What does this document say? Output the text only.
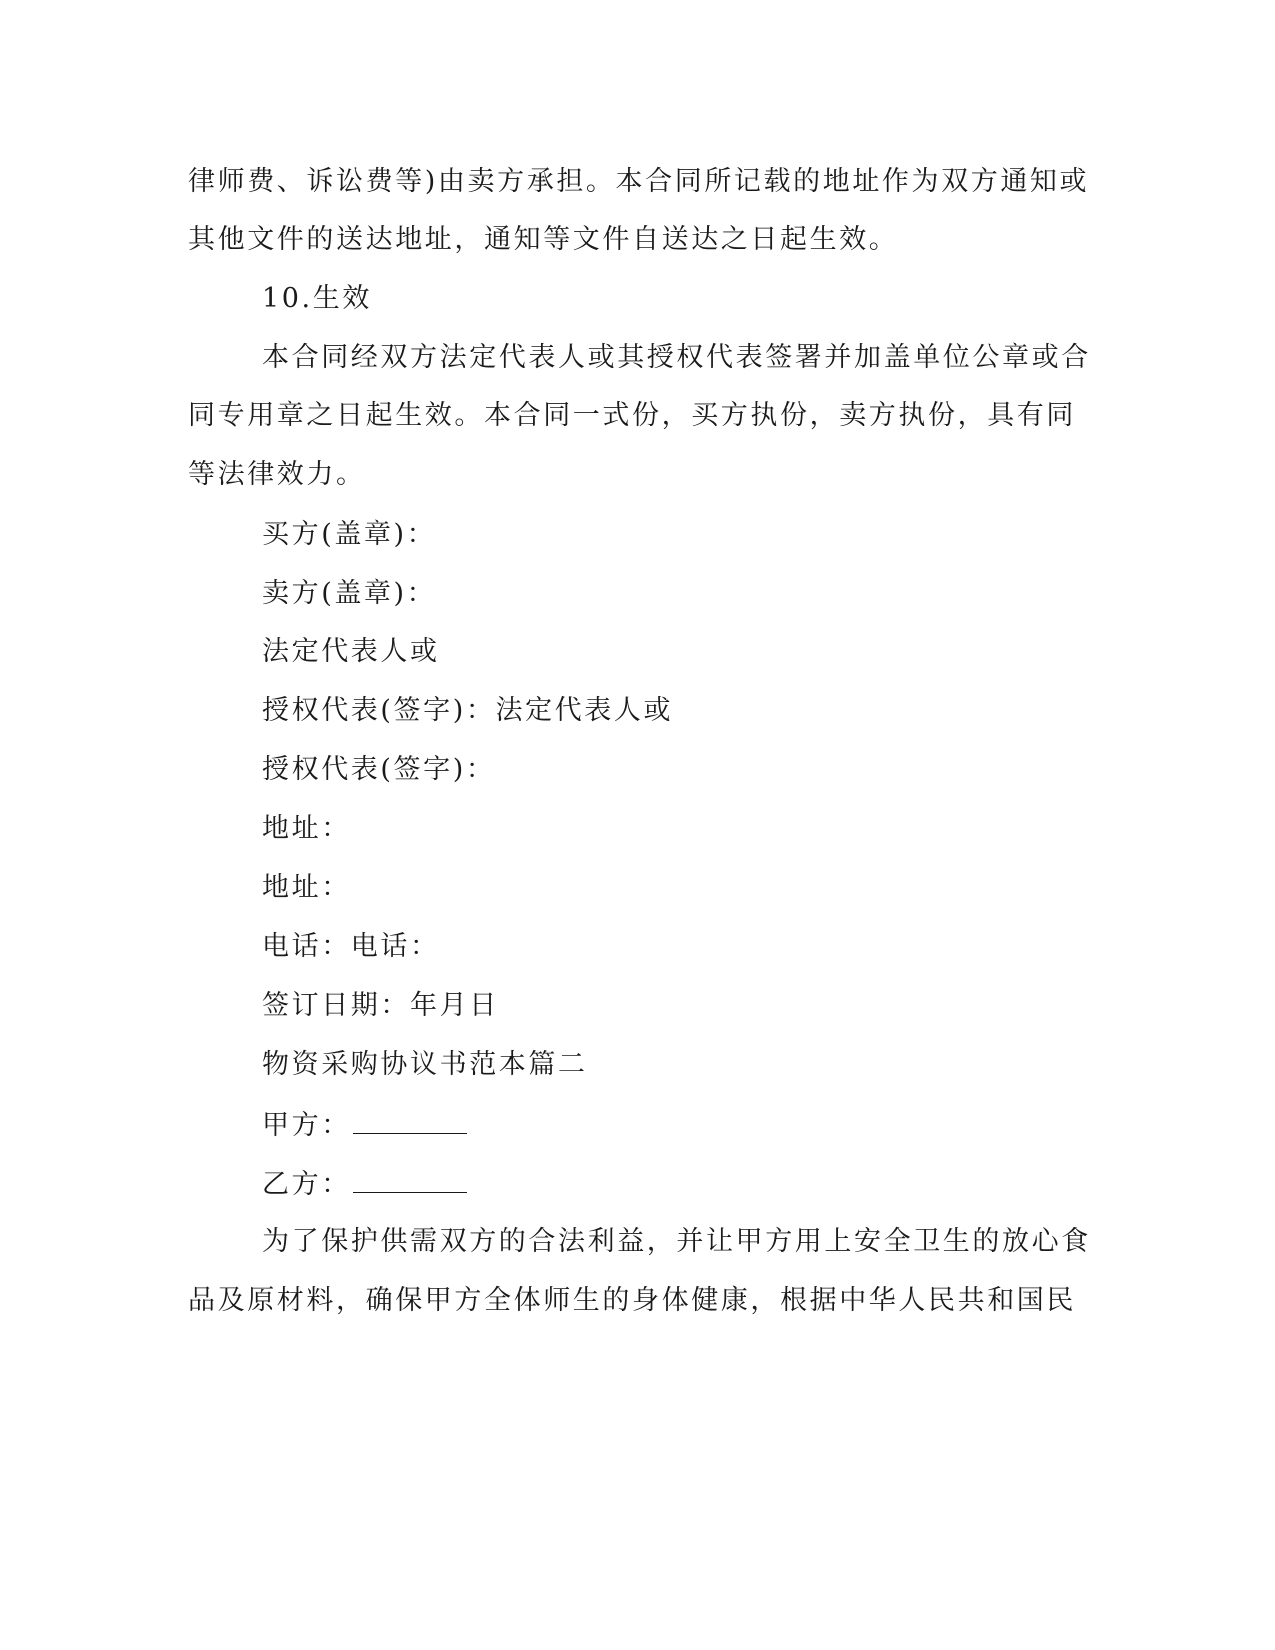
律师费、诉讼费等)由卖方承担。本合同所记载的地址作为双方通知或
其他文件的送达地址，通知等文件自送达之日起生效。
10.生效
本合同经双方法定代表人或其授权代表签署并加盖单位公章或合
同专用章之日起生效。本合同一式份，买方执份，卖方执份，具有同
等法律效力。
买方(盖章)：
卖方(盖章)：
法定代表人或
授权代表(签字)：法定代表人或
授权代表(签字)：
地址：
地址：
电话：电话：
签订日期：年月日
物资采购协议书范本篇二
甲方：
乙方：
为了保护供需双方的合法利益，并让甲方用上安全卫生的放心食
品及原材料，确保甲方全体师生的身体健康，根据中华人民共和国民
